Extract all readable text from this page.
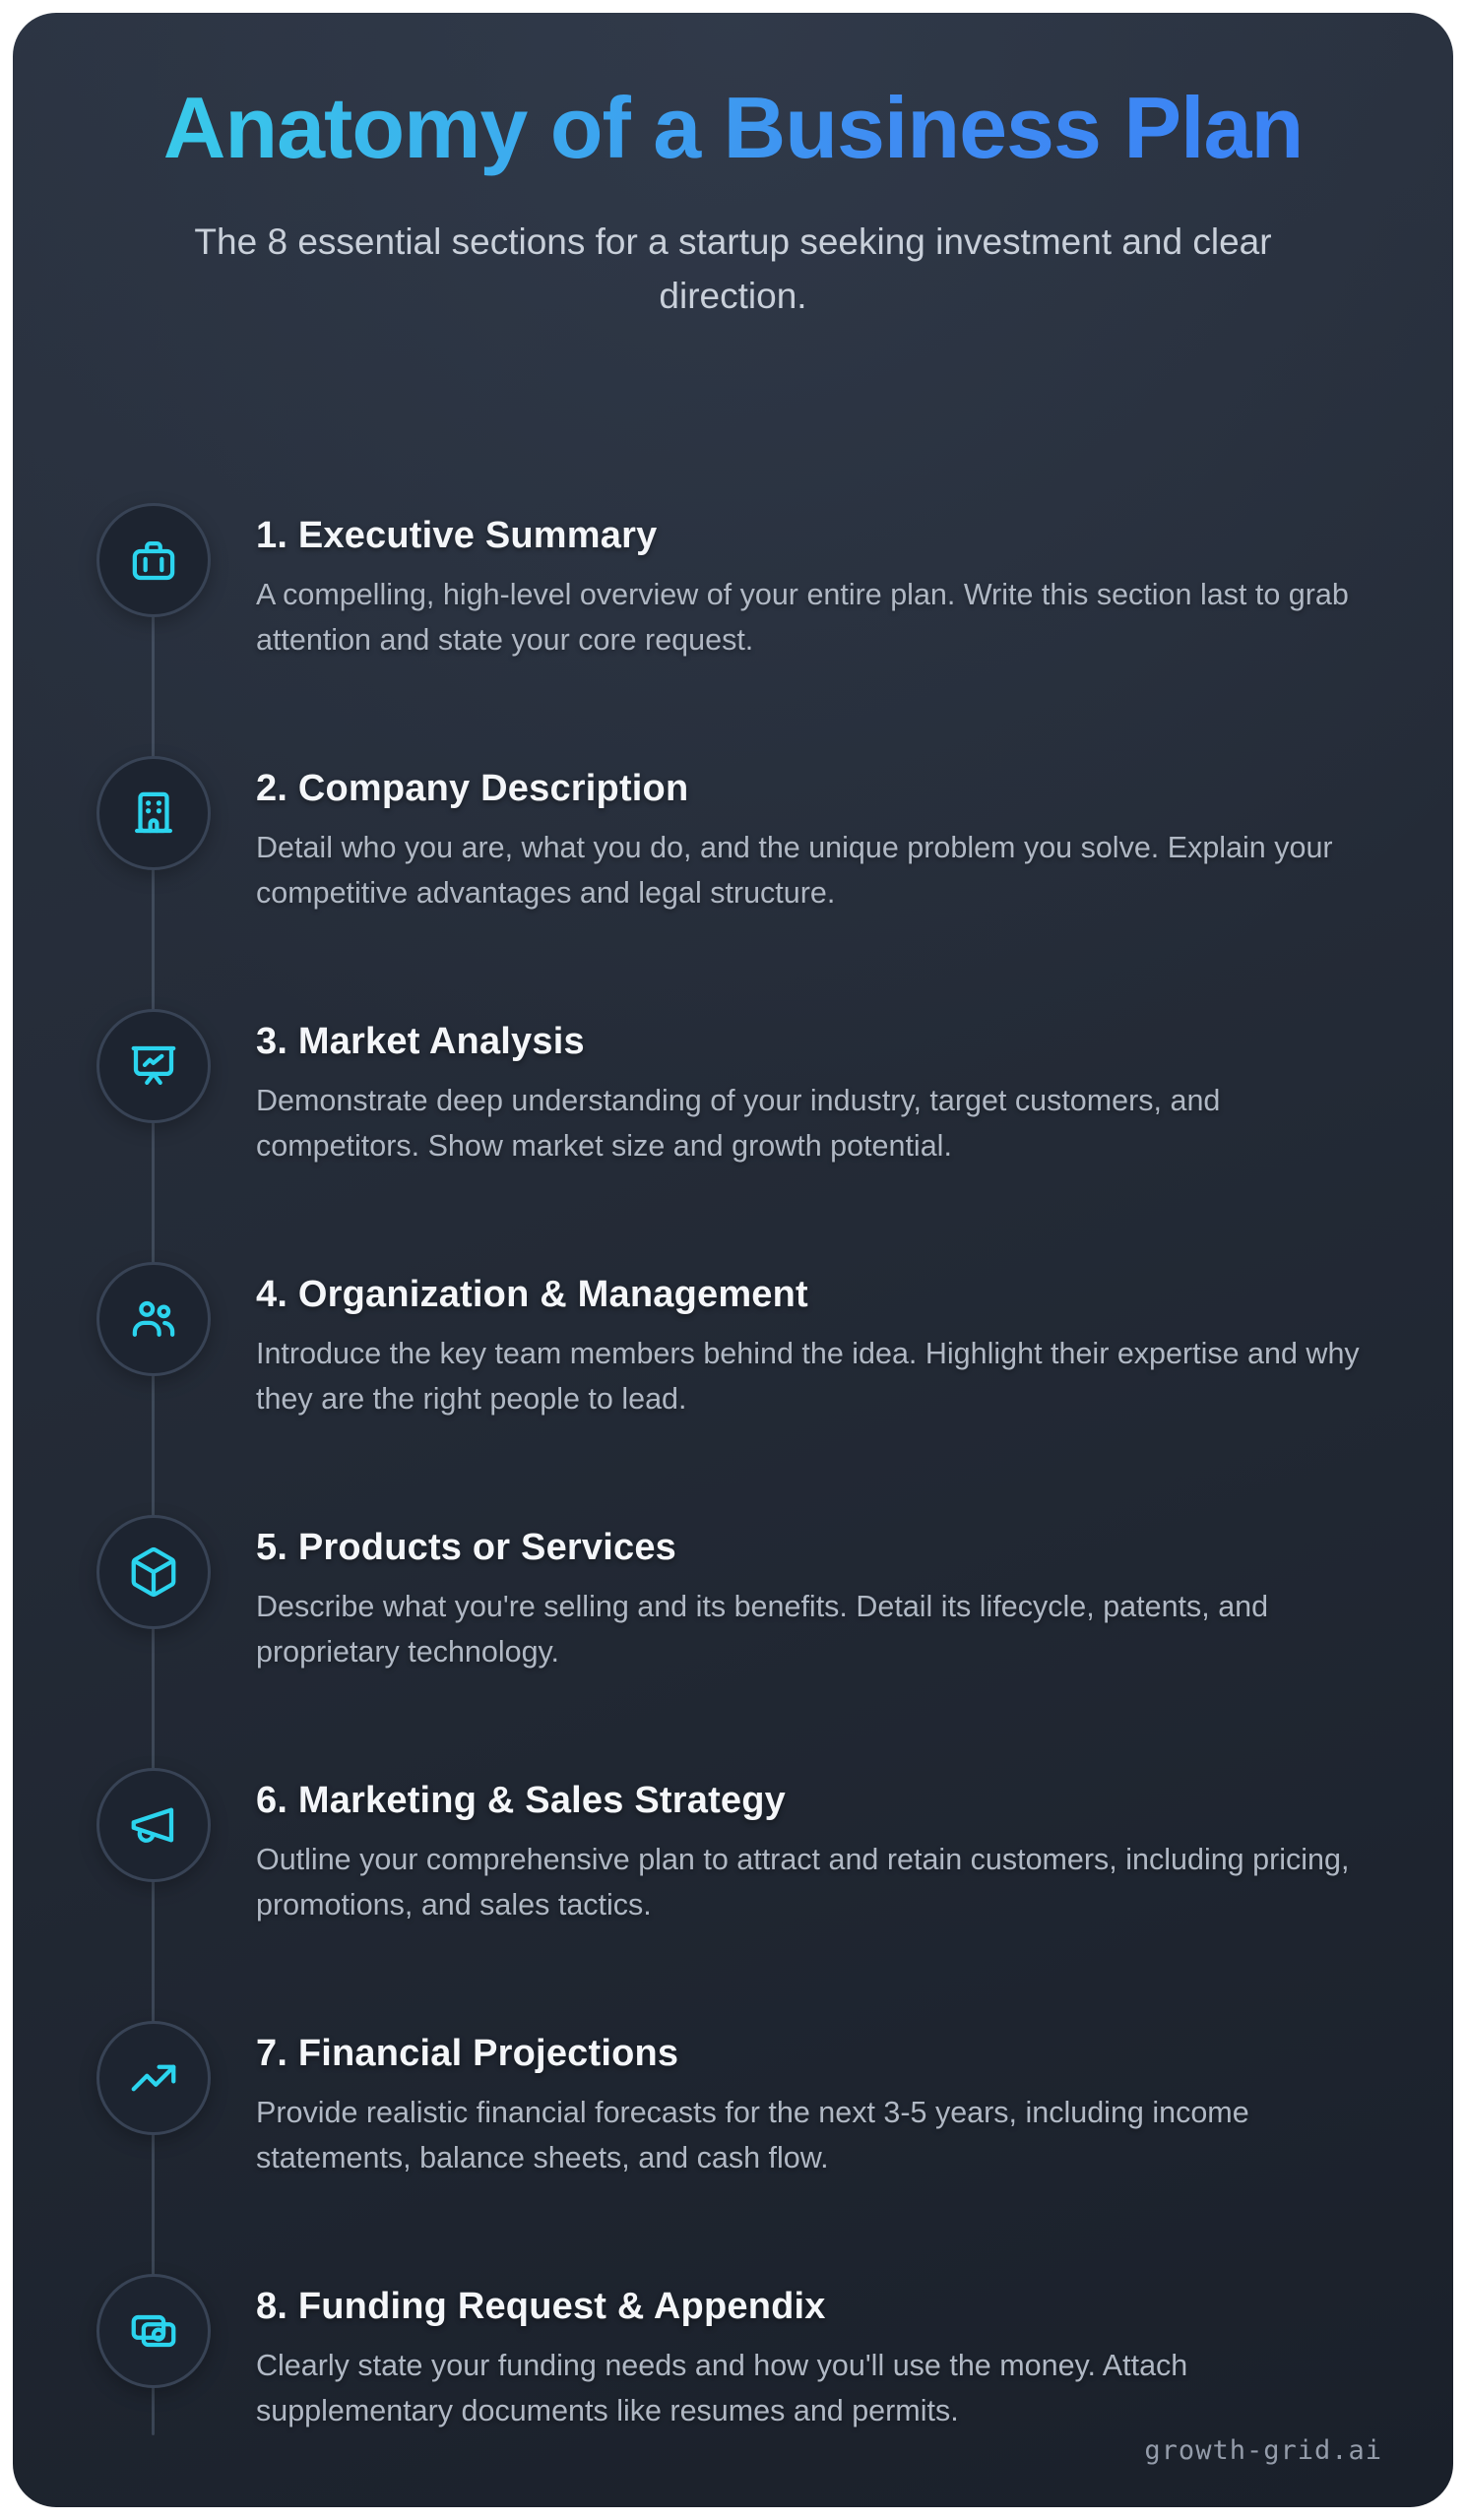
Anatomy of a Business Plan
The 8 essential sections for a startup seeking investment and clear direction.
1. Executive Summary

A compelling, high-level overview of your entire plan. Write this section last to grab attention and state your core request.

2. Company Description

Detail who you are, what you do, and the unique problem you solve. Explain your competitive advantages and legal structure.

3. Market Analysis

Demonstrate deep understanding of your industry, target customers, and competitors. Show market size and growth potential.

4. Organization & Management

Introduce the key team members behind the idea. Highlight their expertise and why they are the right people to lead.

5. Products or Services

Describe what you're selling and its benefits. Detail its lifecycle, patents, and proprietary technology.

6. Marketing & Sales Strategy

Outline your comprehensive plan to attract and retain customers, including pricing, promotions, and sales tactics.

7. Financial Projections

Provide realistic financial forecasts for the next 3-5 years, including income statements, balance sheets, and cash flow.

8. Funding Request & Appendix

Clearly state your funding needs and how you'll use the money. Attach supplementary documents like resumes and permits.

growth-grid.ai
